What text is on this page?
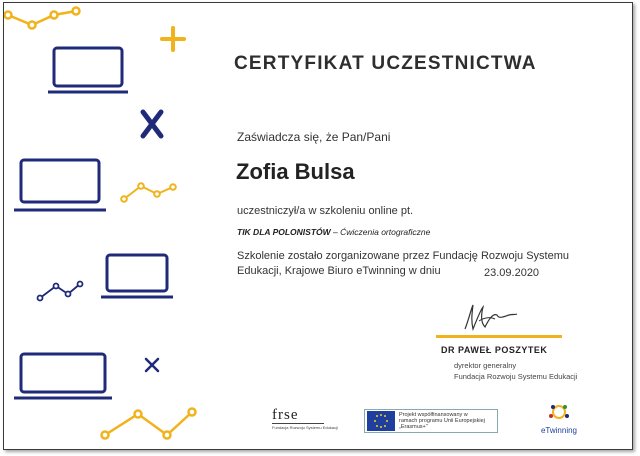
CERTYFIKAT UCZESTNICTWA
Zaświadcza się, że Pan/Pani
Zofia Bulsa
uczestniczył/a w szkoleniu online pt.
TIK DLA POLONISTÓW – Ćwiczenia ortograficzne
Szkolenie zostało zorganizowane przez Fundację Rozwoju Systemu
Edukacji, Krajowe Biuro eTwinning w dniu	23.09.2020
DR PAWEŁ POSZYTEK
dyrektor generalny
Fundacja Rozwoju Systemu Edukacji
frse
Fundacja Rozwoju Systemu Edukacji
Projekt współfinansowany w
ramach programu Unii Europejskiej
„Erasmus+"	eTwinning
